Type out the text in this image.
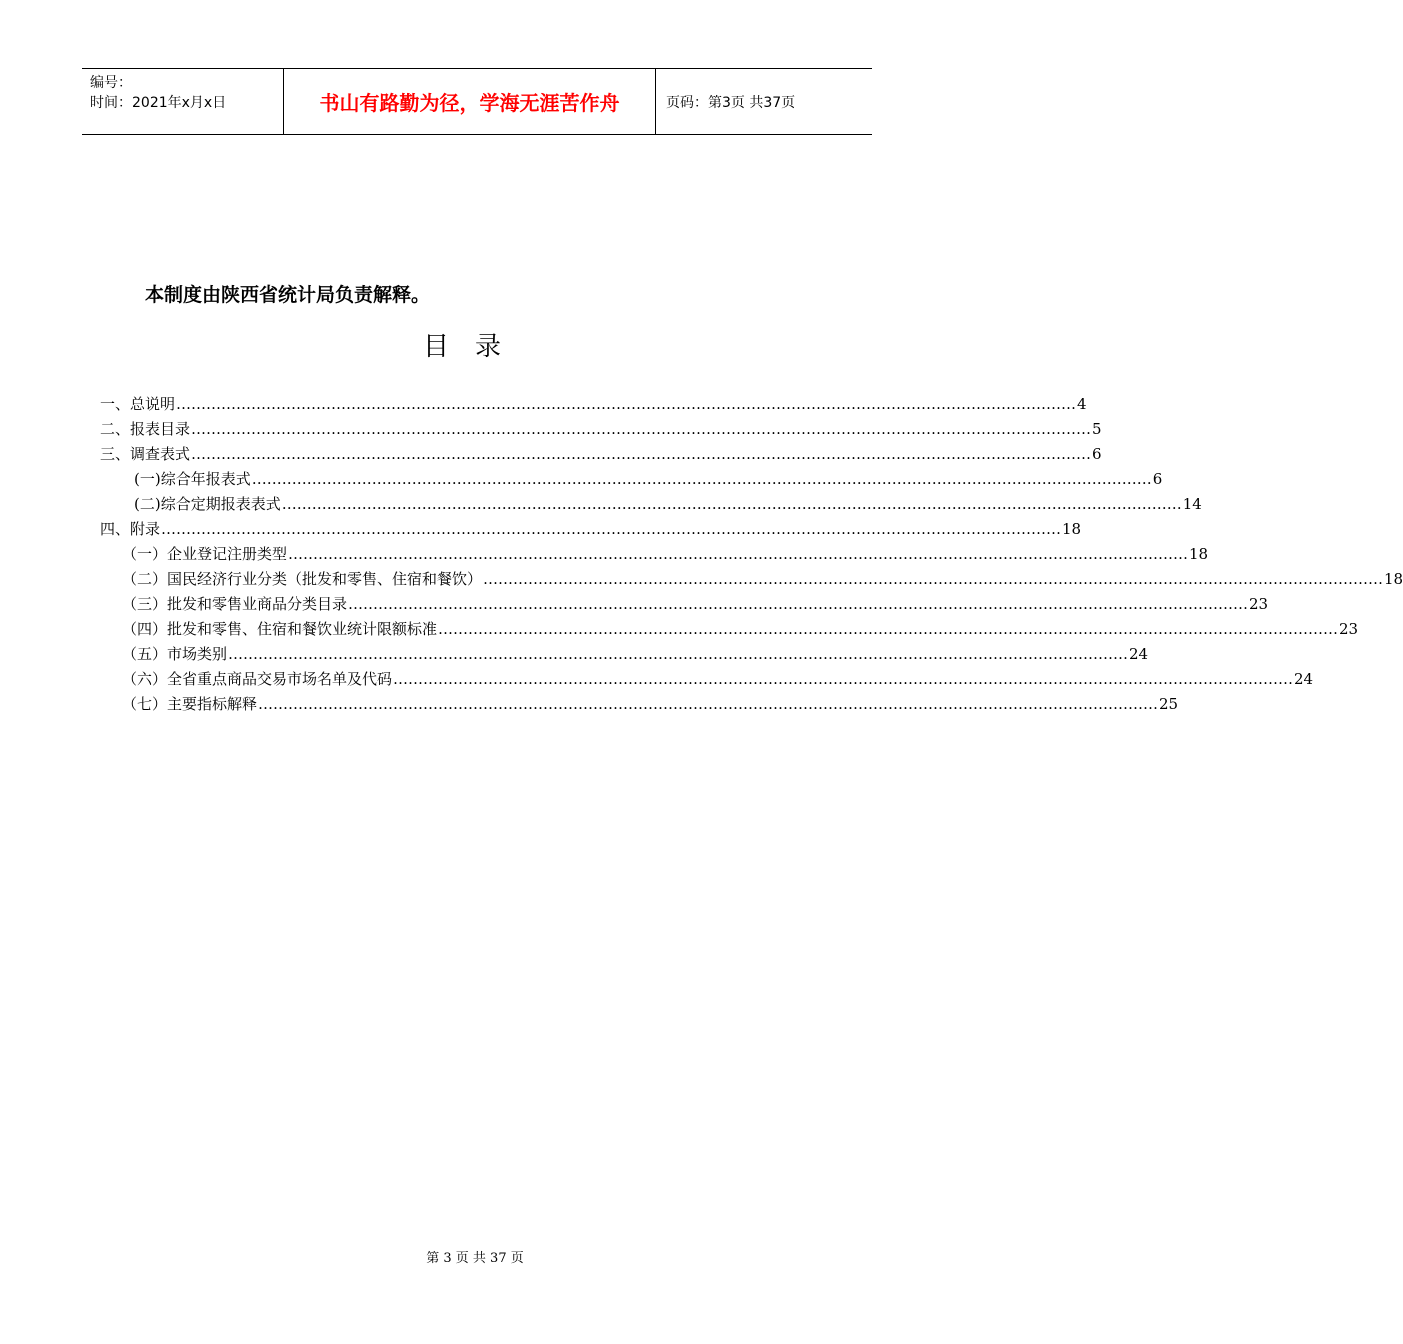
编号：
时间：2021年x月x日	书山有路勤为径，学海无涯苦作舟	页码：第3页 共37页
本制度由陕西省统计局负责解释。
目录
一、总说明 ……………………………………………………………………………………………………………………………………………………………… 4
二、报表目录 ……………………………………………………………………………………………………………………………………………………………… 5
三、调查表式 ……………………………………………………………………………………………………………………………………………………………… 6
(一)综合年报表式 ……………………………………………………………………………………………………………………………………………………………… 6
(二)综合定期报表表式 ……………………………………………………………………………………………………………………………………………………………… 14
四、附录 ……………………………………………………………………………………………………………………………………………………………… 18
（一）企业登记注册类型 ……………………………………………………………………………………………………………………………………………………………… 18
（二）国民经济行业分类（批发和零售、住宿和餐饮） ……………………………………………………………………………………………………………………………………………………………… 18
（三）批发和零售业商品分类目录 ……………………………………………………………………………………………………………………………………………………………… 23
（四）批发和零售、住宿和餐饮业统计限额标准 ……………………………………………………………………………………………………………………………………………………………… 23
（五）市场类别 ……………………………………………………………………………………………………………………………………………………………… 24
（六）全省重点商品交易市场名单及代码 ……………………………………………………………………………………………………………………………………………………………… 24
（七）主要指标解释 ……………………………………………………………………………………………………………………………………………………………… 25
第 3 页 共 37 页
